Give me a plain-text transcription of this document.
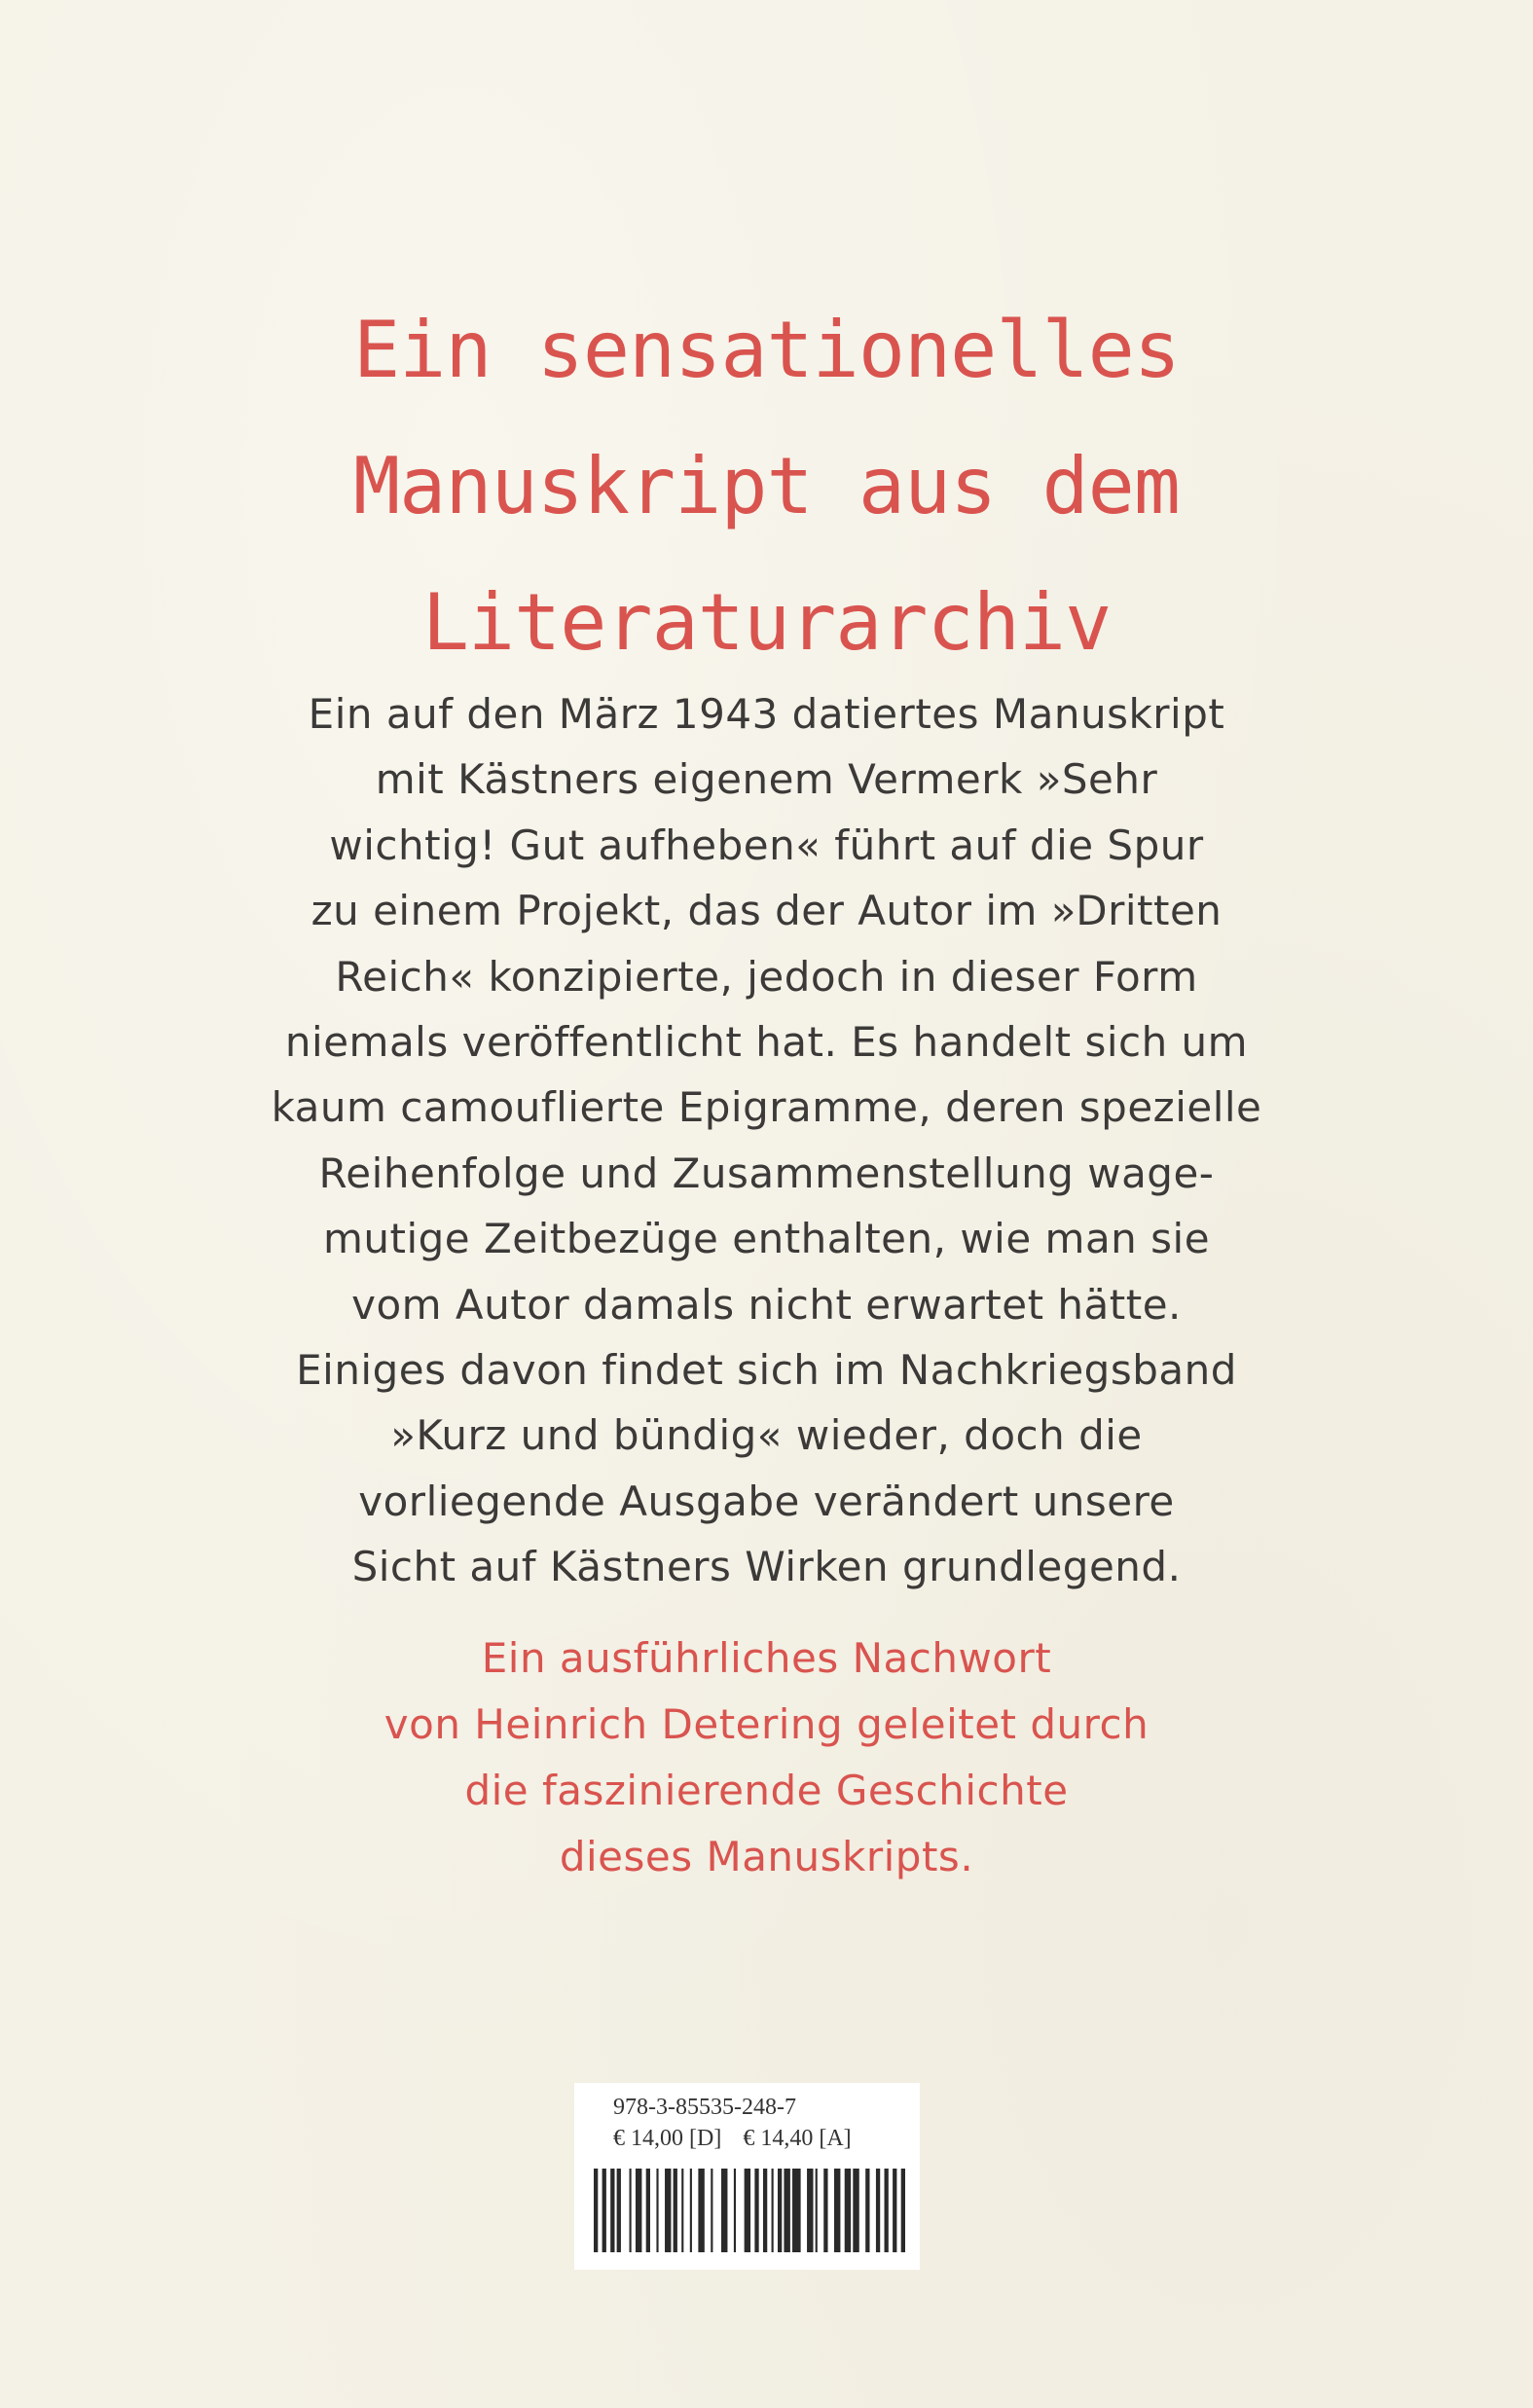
Ein sensationelles
Manuskript aus dem
Literaturarchiv

Ein auf den März 1943 datiertes Manuskript
mit Kästners eigenem Vermerk »Sehr
wichtig! Gut aufheben« führt auf die Spur
zu einem Projekt, das der Autor im »Dritten
Reich« konzipierte, jedoch in dieser Form
niemals veröffentlicht hat. Es handelt sich um
kaum camouflierte Epigramme, deren spezielle
Reihenfolge und Zusammenstellung wage-
mutige Zeitbezüge enthalten, wie man sie
vom Autor damals nicht erwartet hätte.
Einiges davon findet sich im Nachkriegsband
»Kurz und bündig« wieder, doch die
vorliegende Ausgabe verändert unsere
Sicht auf Kästners Wirken grundlegend.

Ein ausführliches Nachwort
von Heinrich Detering geleitet durch
die faszinierende Geschichte
dieses Manuskripts.

978-3-85535-248-7
€ 14,00 [D] € 14,40 [A]
